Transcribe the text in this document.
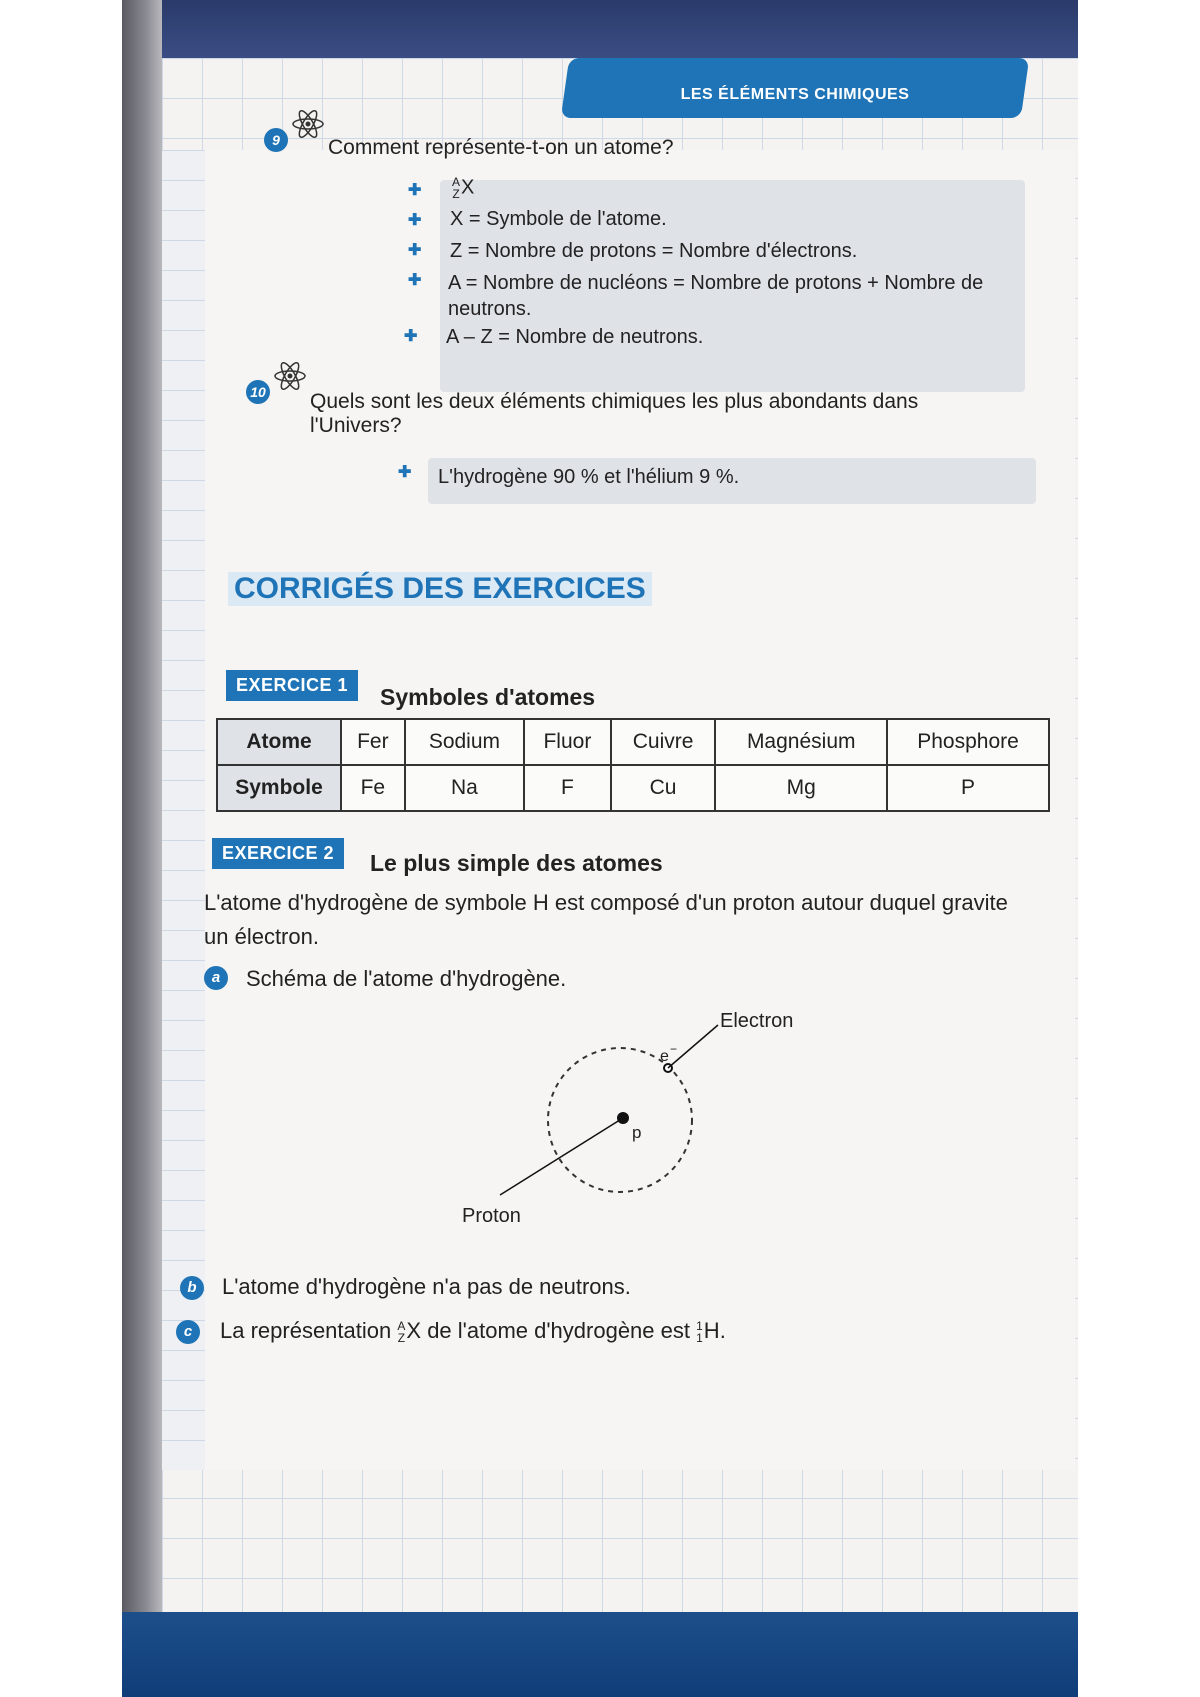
LES ÉLÉMENTS CHIMIQUES
9	Comment représente-t-on un atome?
✚	A
ZX
✚ X = Symbole de l'atome.
✚ Z = Nombre de protons = Nombre d'électrons.
✚ A = Nombre de nucléons = Nombre de protons + Nombre de
neutrons.
✚ A – Z = Nombre de neutrons.
10 Quels sont les deux éléments chimiques les plus abondants dans
l'Univers?
✚ L'hydrogène 90 % et l'hélium 9 %.
CORRIGÉS DES EXERCICES
EXERCICE 1	Symboles d'atomes
Atome	Fer	Sodium	Fluor	Cuivre	Magnésium	Phosphore
Symbole	Fe	Na	F	Cu	Mg	P
EXERCICE 2	Le plus simple des atomes
L'atome d'hydrogène de symbole H est composé d'un proton autour duquel gravite
un électron.
a	Schéma de l'atome d'hydrogène.
Electron
e −
p
Proton
b	L'atome d'hydrogène n'a pas de neutrons.
c	La représentation A
ZX de l'atome d'hydrogène est 1
1H.
